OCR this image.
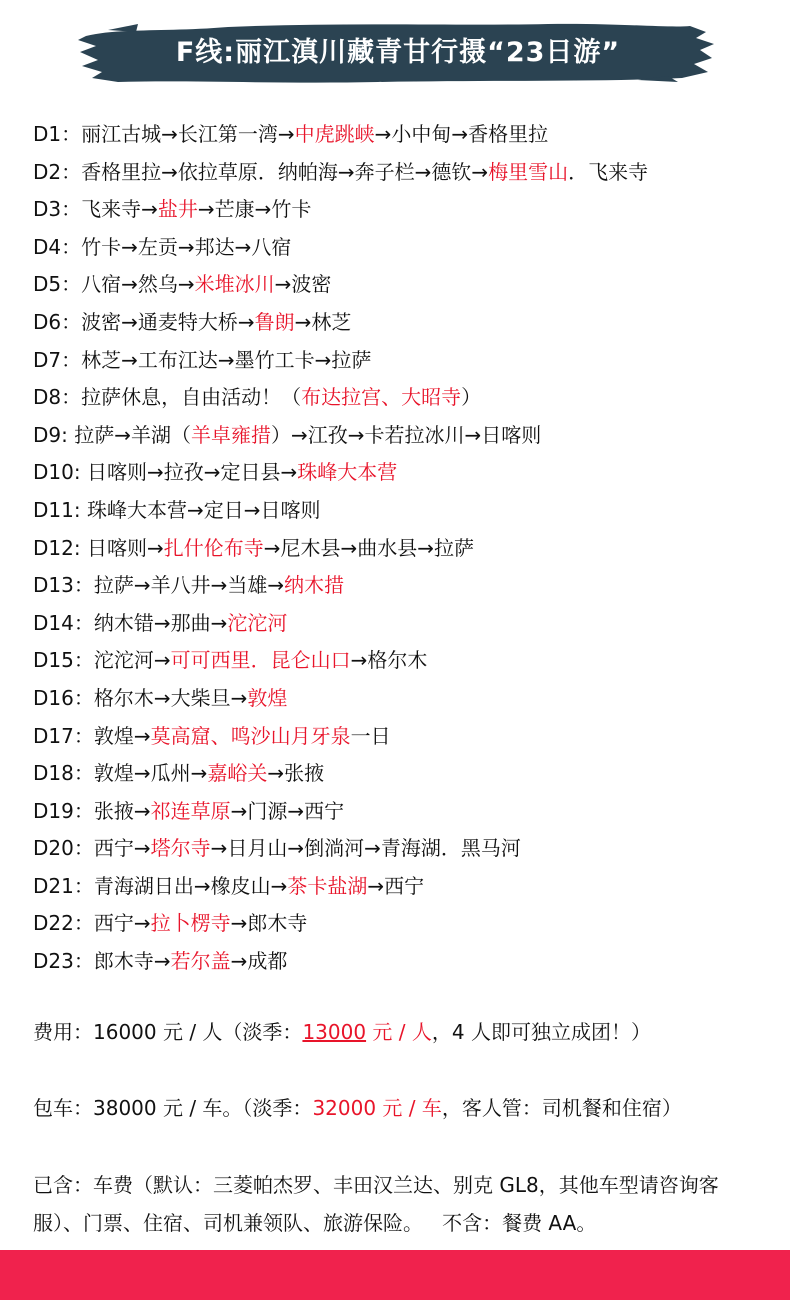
F线:丽江滇川藏青甘行摄“23日游”
D1：丽江古城→长江第一湾→中虎跳峡→小中甸→香格里拉
D2：香格里拉→依拉草原．纳帕海→奔子栏→德钦→梅里雪山．飞来寺
D3：飞来寺→盐井→芒康→竹卡
D4：竹卡→左贡→邦达→八宿
D5：八宿→然乌→米堆冰川→波密
D6：波密→通麦特大桥→鲁朗→林芝
D7：林芝→工布江达→墨竹工卡→拉萨
D8：拉萨休息，自由活动！（布达拉宫、大昭寺）
D9: 拉萨→羊湖（羊卓雍措）→江孜→卡若拉冰川→日喀则
D10: 日喀则→拉孜→定日县→珠峰大本营
D11: 珠峰大本营→定日→日喀则
D12: 日喀则→扎什伦布寺→尼木县→曲水县→拉萨
D13：拉萨→羊八井→当雄→纳木措
D14：纳木错→那曲→沱沱河
D15：沱沱河→可可西里．昆仑山口→格尔木
D16：格尔木→大柴旦→敦煌
D17：敦煌→莫高窟、鸣沙山月牙泉一日
D18：敦煌→瓜州→嘉峪关→张掖
D19：张掖→祁连草原→门源→西宁
D20：西宁→塔尔寺→日月山→倒淌河→青海湖．黑马河
D21：青海湖日出→橡皮山→茶卡盐湖→西宁
D22：西宁→拉卜楞寺→郎木寺
D23：郎木寺→若尔盖→成都
费用：16000 元 / 人（淡季：13000 元 / 人，4 人即可独立成团！）
包车：38000 元 / 车。（淡季：32000 元 / 车，客人管：司机餐和住宿）
已含：车费（默认：三菱帕杰罗、丰田汉兰达、别克 GL8，其他车型请咨询客服）、门票、住宿、司机兼领队、旅游保险。 不含：餐费 AA。
